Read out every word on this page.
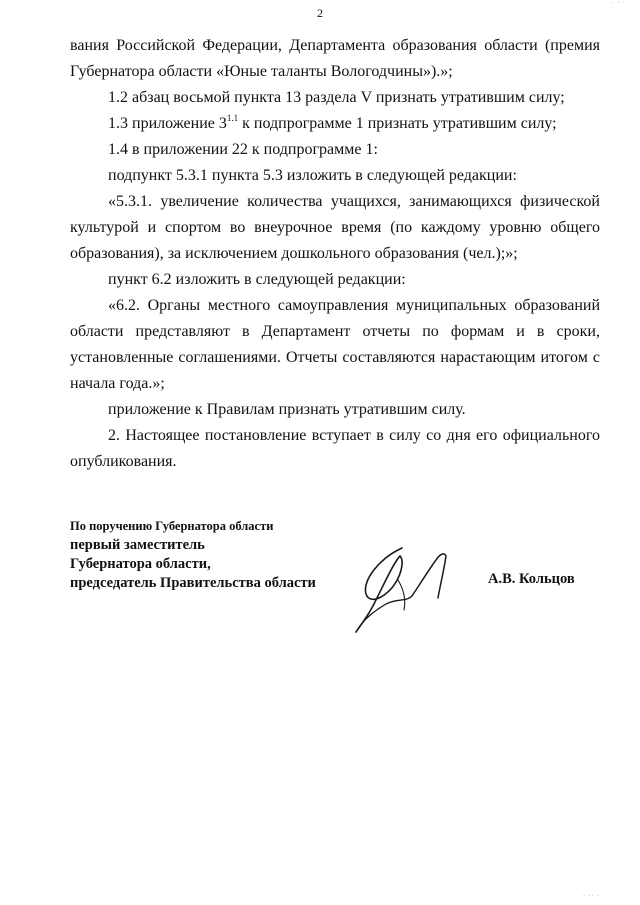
· · ·
2

вания Российской Федерации, Департамента образования области (премия Губернатора области «Юные таланты Вологодчины»).»;

1.2 абзац восьмой пункта 13 раздела V признать утратившим силу;

1.3 приложение $3^{1.1}$ к подпрограмме 1 признать утратившим силу;

1.4 в приложении 22 к подпрограмме 1:

подпункт 5.3.1 пункта 5.3 изложить в следующей редакции:

«5.3.1. увеличение количества учащихся, занимающихся физической культурой и спортом во внеурочное время (по каждому уровню общего образования), за исключением дошкольного образования (чел.);»;

пункт 6.2 изложить в следующей редакции:

«6.2. Органы местного самоуправления муниципальных образований области представляют в Департамент отчеты по формам и в сроки, установленные соглашениями. Отчеты составляются нарастающим итогом с начала года.»;

приложение к Правилам признать утратившим силу.

2. Настоящее постановление вступает в силу со дня его официального опубликования.

По поручению Губернатора области
первый заместитель
Губернатора области,
председатель Правительства области	А.В. Кольцов
· ·· ·
